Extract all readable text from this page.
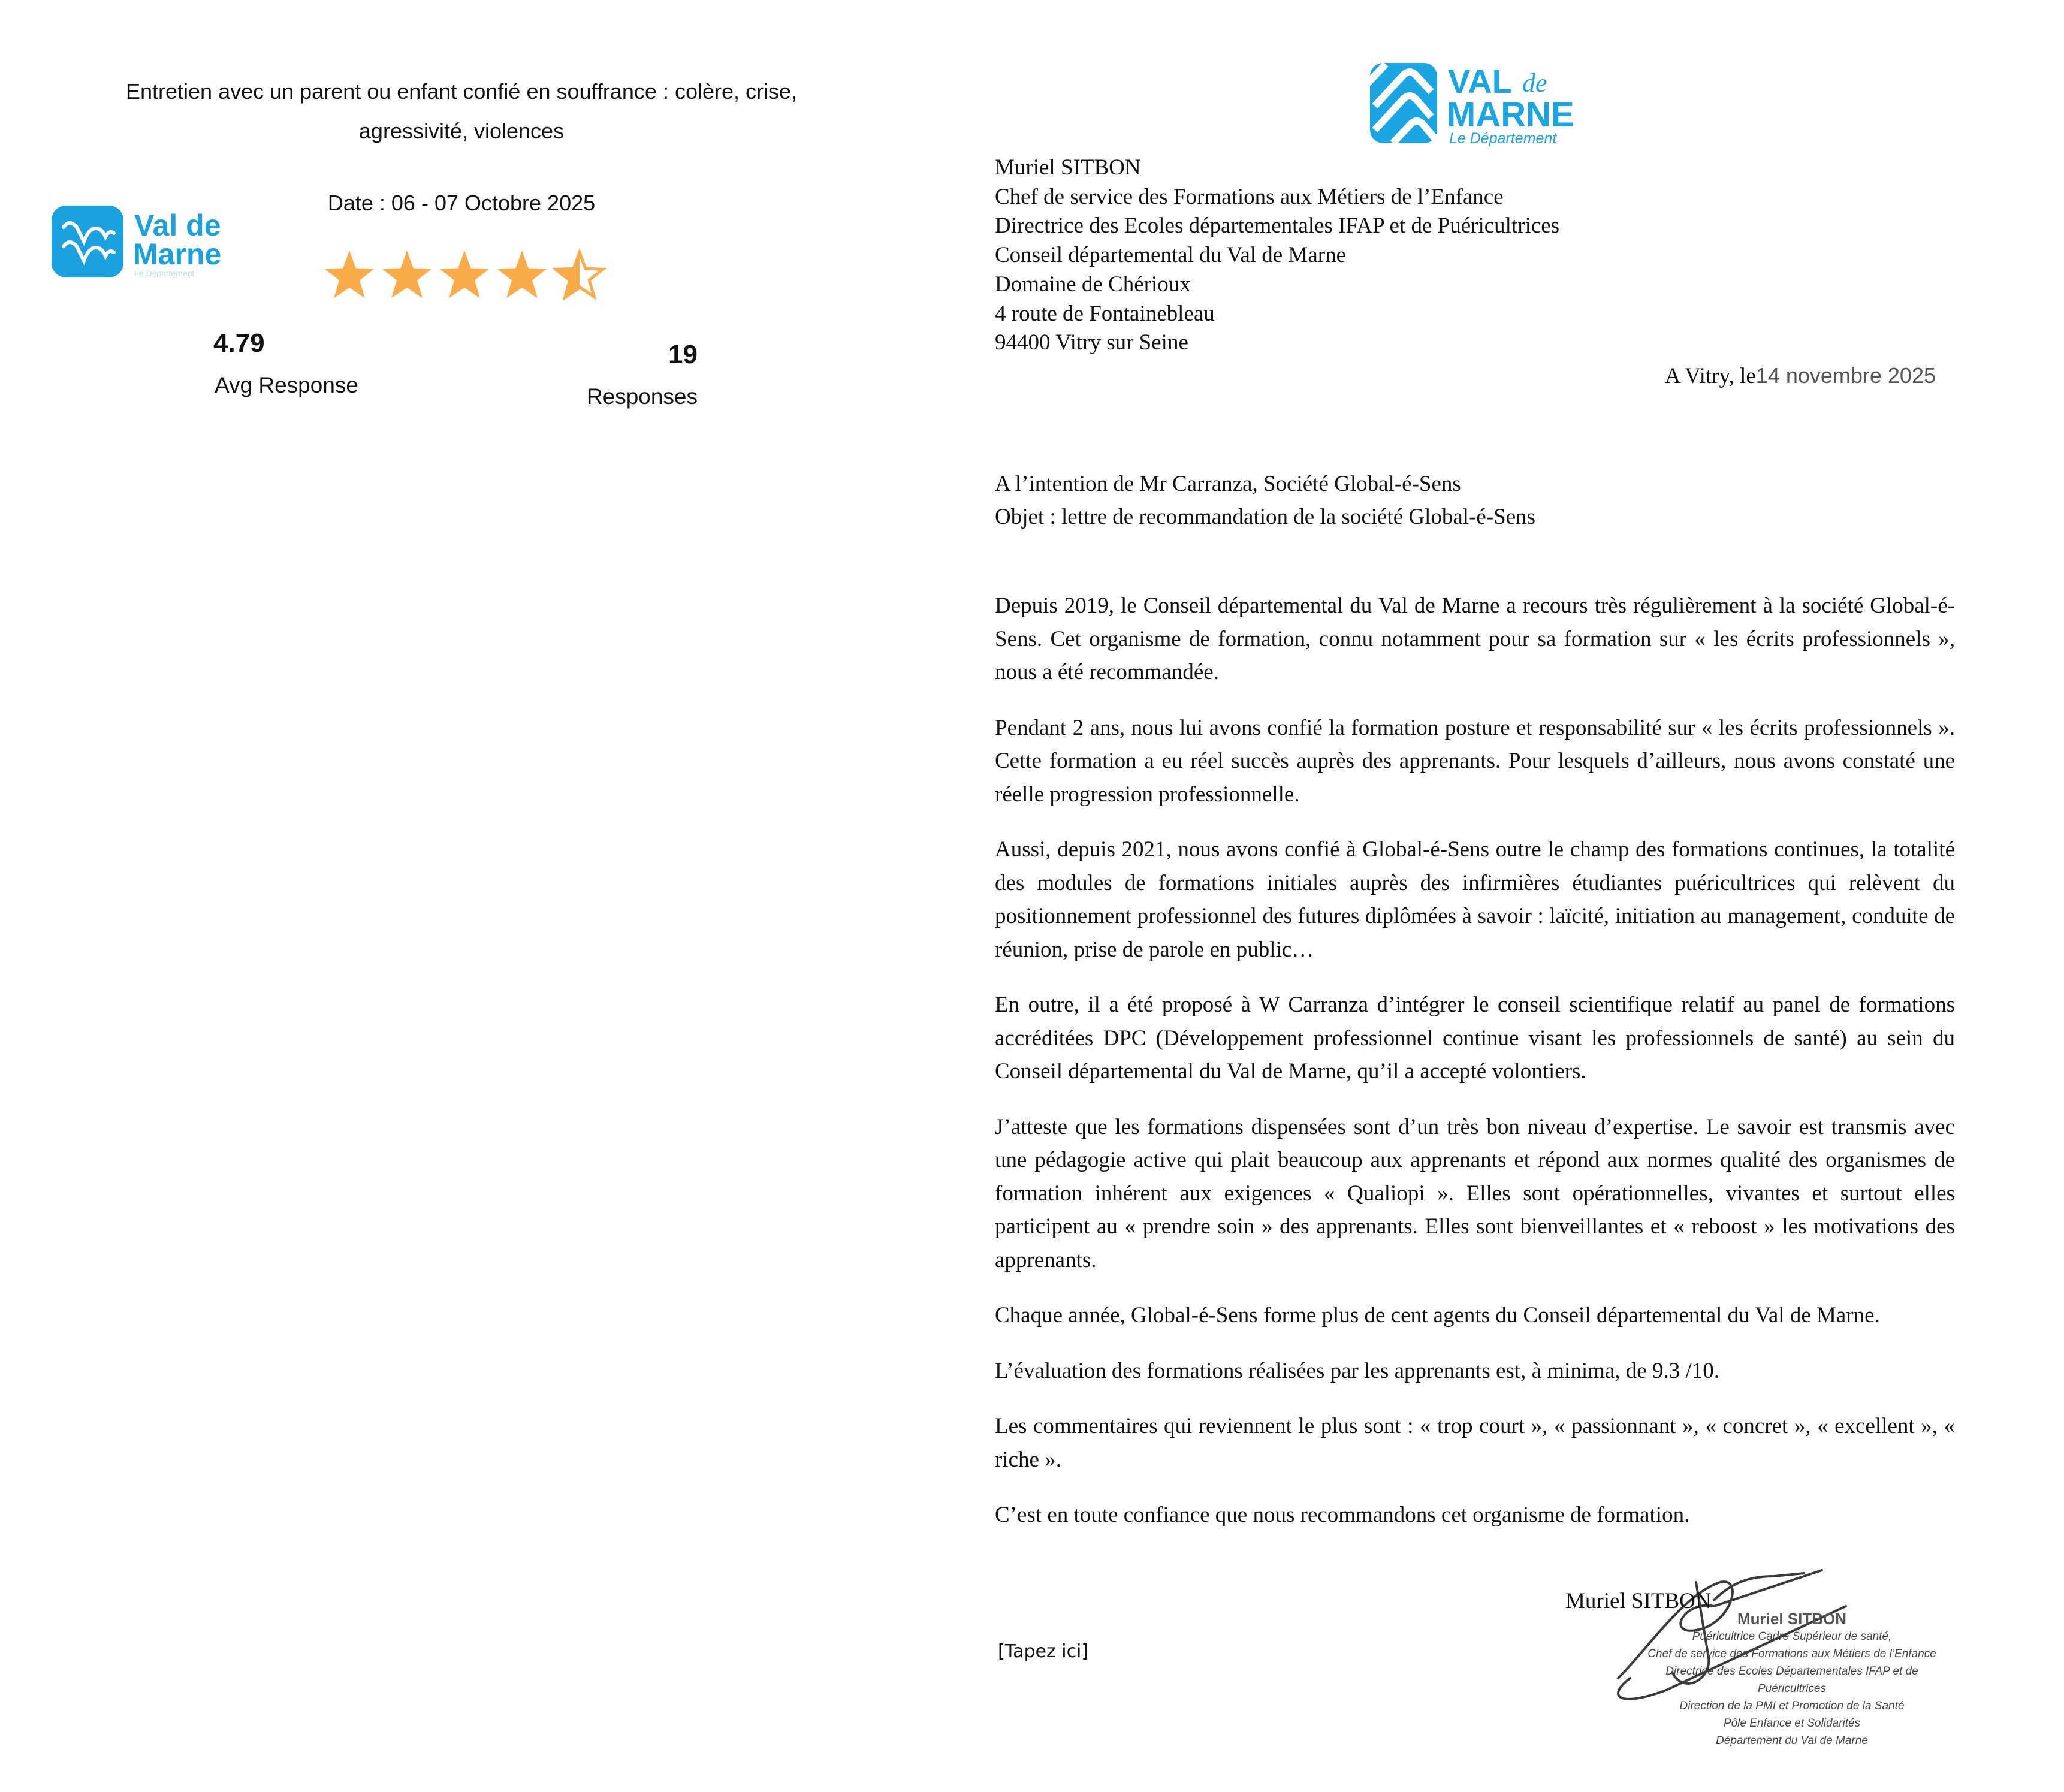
Entretien avec un parent ou enfant confié en souffrance : colère, crise, agressivité, violences
Date : 06 - 07 Octobre 2025
Val de
Marne
Le Département
4.79
Avg Response
19
Responses
VAL de
MARNE
Le Département
Muriel SITBON
Chef de service des Formations aux Métiers de l’Enfance
Directrice des Ecoles départementales IFAP et de Puéricultrices
Conseil départemental du Val de Marne
Domaine de Chérioux
4 route de Fontainebleau
94400 Vitry sur Seine
A Vitry, le14 novembre 2025
A l’intention de Mr Carranza, Société Global-é-Sens
Objet : lettre de recommandation de la société Global-é-Sens

Depuis 2019, le Conseil départemental du Val de Marne a recours très régulièrement à la société Global-é-Sens. Cet organisme de formation, connu notamment pour sa formation sur « les écrits professionnels », nous a été recommandée.

Pendant 2 ans, nous lui avons confié la formation posture et responsabilité sur « les écrits professionnels ». Cette formation a eu réel succès auprès des apprenants. Pour lesquels d’ailleurs, nous avons constaté une réelle progression professionnelle.

Aussi, depuis 2021, nous avons confié à Global-é-Sens outre le champ des formations continues, la totalité des modules de formations initiales auprès des infirmières étudiantes puéricultrices qui relèvent du positionnement professionnel des futures diplômées à savoir : laïcité, initiation au management, conduite de réunion, prise de parole en public…

En outre, il a été proposé à W Carranza d’intégrer le conseil scientifique relatif au panel de formations accréditées DPC (Développement professionnel continue visant les professionnels de santé) au sein du Conseil départemental du Val de Marne, qu’il a accepté volontiers.

J’atteste que les formations dispensées sont d’un très bon niveau d’expertise. Le savoir est transmis avec une pédagogie active qui plait beaucoup aux apprenants et répond aux normes qualité des organismes de formation inhérent aux exigences « Qualiopi ». Elles sont opérationnelles, vivantes et surtout elles participent au « prendre soin » des apprenants. Elles sont bienveillantes et « reboost » les motivations des apprenants.

Chaque année, Global-é-Sens forme plus de cent agents du Conseil départemental du Val de Marne.

L’évaluation des formations réalisées par les apprenants est, à minima, de 9.3 /10.

Les commentaires qui reviennent le plus sont : « trop court », « passionnant », « concret », « excellent », « riche ».

C’est en toute confiance que nous recommandons cet organisme de formation.

[Tapez ici]
Muriel SITBON
Muriel SITBON
Puéricultrice Cadre Supérieur de santé,
Chef de service des Formations aux Métiers de l’Enfance
Directrice des Ecoles Départementales IFAP et de Puéricultrices
Direction de la PMI et Promotion de la Santé
Pôle Enfance et Solidarités
Département du Val de Marne
